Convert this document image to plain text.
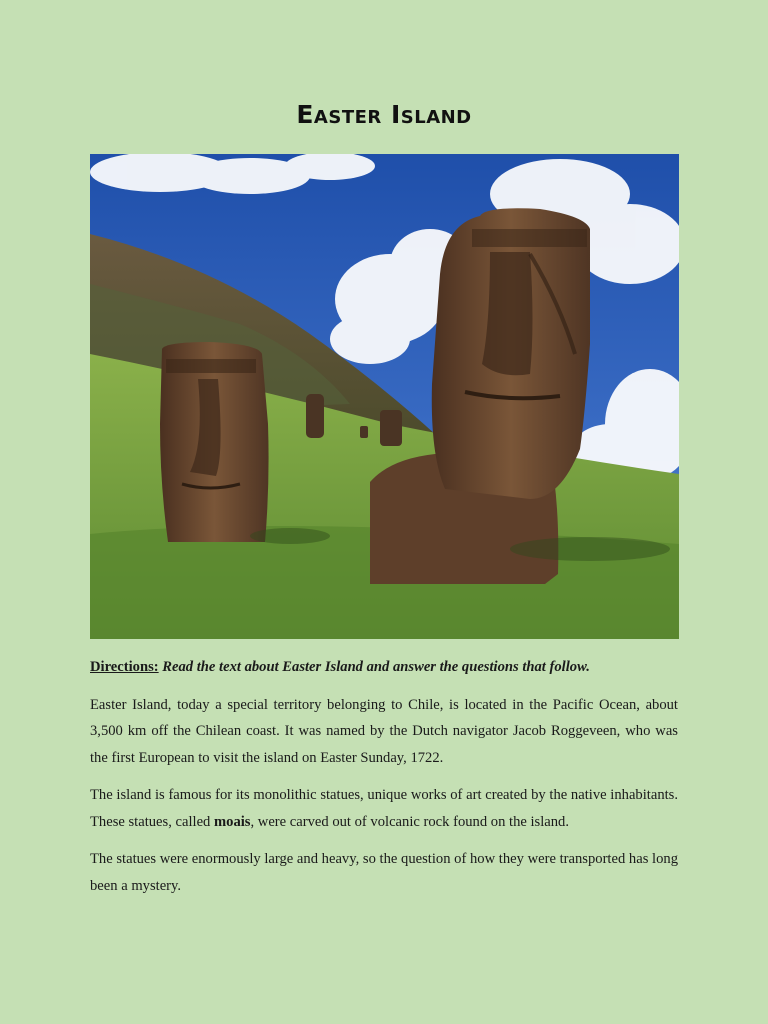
Easter Island

Directions: Read the text about Easter Island and answer the questions that follow.

Easter Island, today a special territory belonging to Chile, is located in the Pacific Ocean, about 3,500 km off the Chilean coast. It was named by the Dutch navigator Jacob Roggeveen, who was the first European to visit the island on Easter Sunday, 1722.

The island is famous for its monolithic statues, unique works of art created by the native inhabitants. These statues, called moais, were carved out of volcanic rock found on the island.

The statues were enormously large and heavy, so the question of how they were transported has long been a mystery.
